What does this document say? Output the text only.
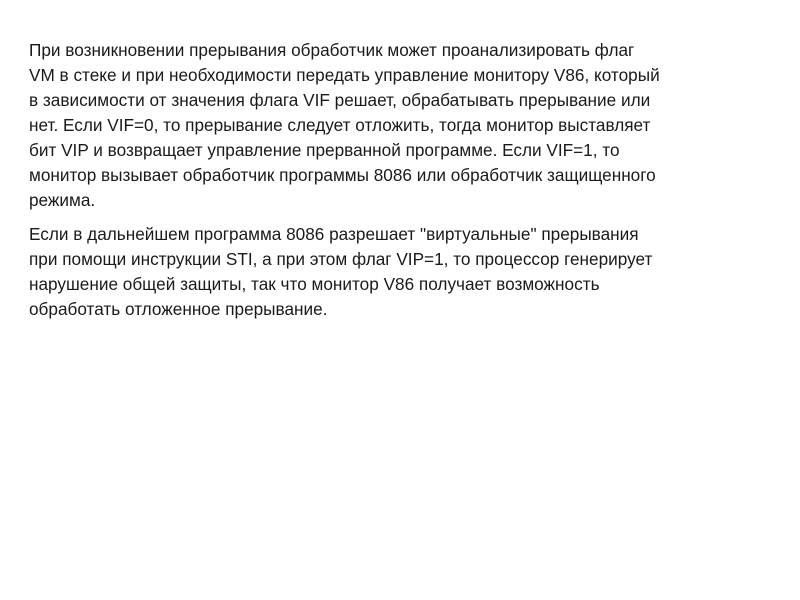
При возникновении прерывания обработчик может проанализировать флаг
VM в стеке и при необходимости передать управление монитору V86, который
в зависимости от значения флага VIF решает, обрабатывать прерывание или
нет. Если VIF=0, то прерывание следует отложить, тогда монитор выставляет
бит VIP и возвращает управление прерванной программе. Если VIF=1, то
монитор вызывает обработчик программы 8086 или обработчик защищенного
режима.

Если в дальнейшем программа 8086 разрешает "виртуальные" прерывания
при помощи инструкции STI, а при этом флаг VIP=1, то процессор генерирует
нарушение общей защиты, так что монитор V86 получает возможность
обработать отложенное прерывание.
